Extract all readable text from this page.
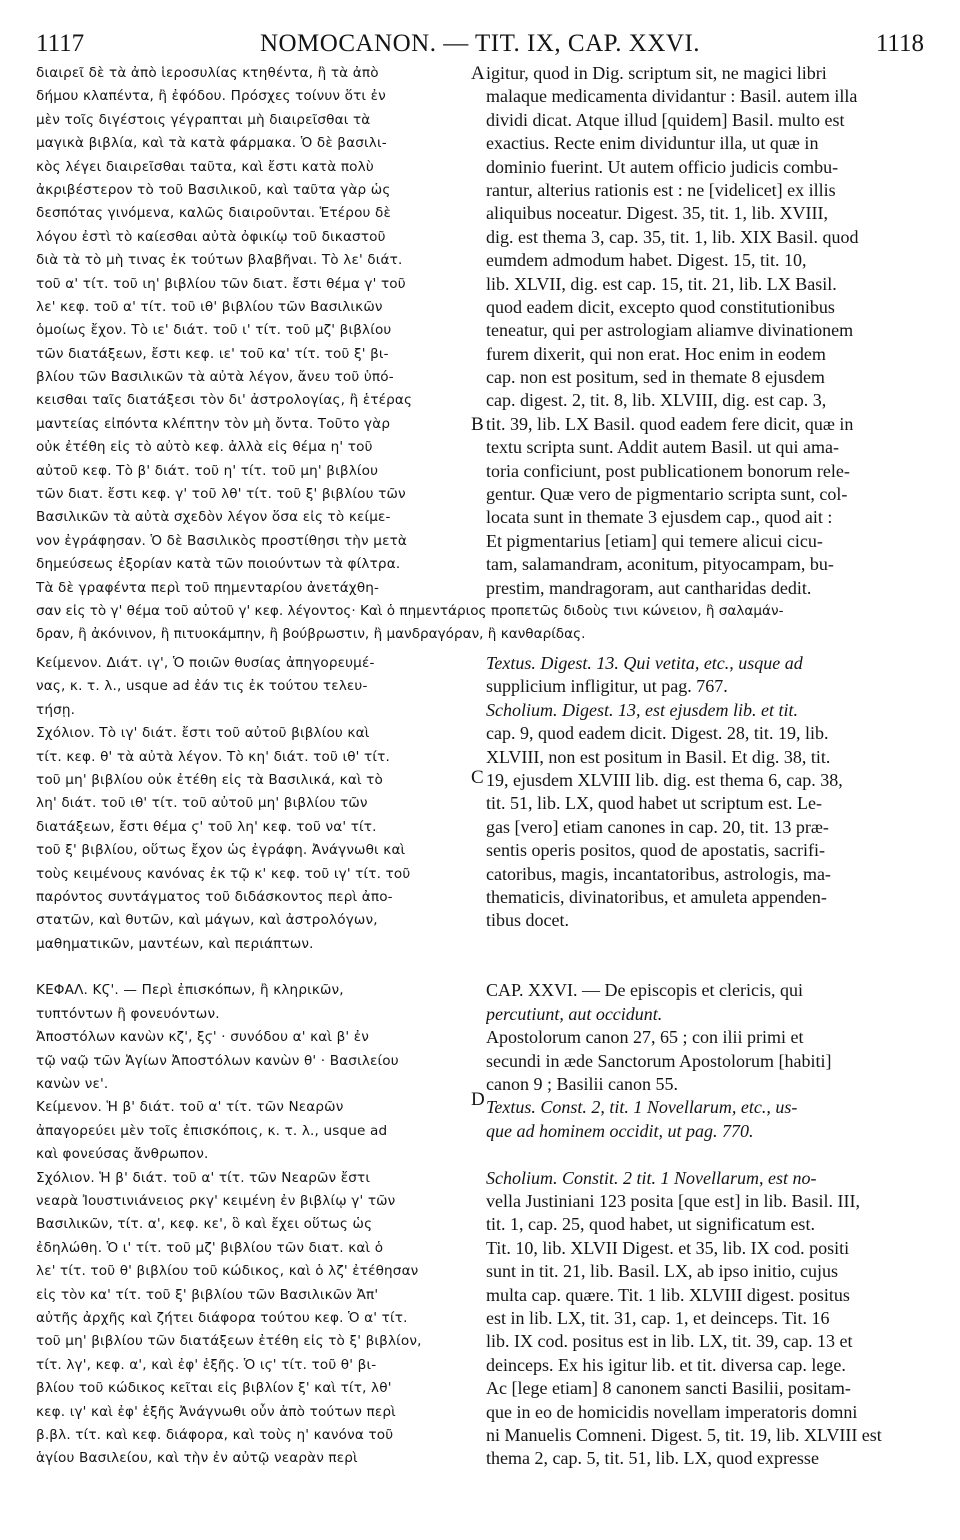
1117	NOMOCANON. — TIT. IX, CAP. XXVI.	1118
A
B
C
D
διαιρεῖ δὲ τὰ ἀπὸ ἱεροσυλίας κτηθέντα, ἢ τὰ ἀπὸ
δήμου κλαπέντα, ἢ ἐφόδου. Πρόσχες τοίνυν ὅτι ἐν
μὲν τοῖς διγέστοις γέγραπται μὴ διαιρεῖσθαι τὰ
μαγικὰ βιβλία, καὶ τὰ κατὰ φάρμακα. Ὁ δὲ βασιλι-
κὸς λέγει διαιρεῖσθαι ταῦτα, καὶ ἔστι κατὰ πολὺ
ἀκριβέστερον τὸ τοῦ Βασιλικοῦ, καὶ ταῦτα γὰρ ὡς
δεσπότας γινόμενα, καλῶς διαιροῦνται. Ἑτέρου δὲ
λόγου ἐστὶ τὸ καίεσθαι αὐτὰ ὀφικίῳ τοῦ δικαστοῦ
διὰ τὰ τὸ μὴ τινας ἐκ τούτων βλαβῆναι. Τὸ λε' διάτ.
τοῦ α' τίτ. τοῦ ιη' βιβλίου τῶν διατ. ἔστι θέμα γ' τοῦ
λε' κεφ. τοῦ α' τίτ. τοῦ ιθ' βιβλίου τῶν Βασιλικῶν
ὁμοίως ἔχον. Τὸ ιε' διάτ. τοῦ ι' τίτ. τοῦ μζ' βιβλίου
τῶν διατάξεων, ἔστι κεφ. ιε' τοῦ κα' τίτ. τοῦ ξ' βι-
βλίου τῶν Βασιλικῶν τὰ αὐτὰ λέγον, ἄνευ τοῦ ὑπό-
κεισθαι ταῖς διατάξεσι τὸν δι' ἀστρολογίας, ἢ ἑτέρας
μαντείας εἰπόντα κλέπτην τὸν μὴ ὄντα. Τοῦτο γὰρ
οὐκ ἐτέθη εἰς τὸ αὐτὸ κεφ. ἀλλὰ εἰς θέμα η' τοῦ
αὐτοῦ κεφ. Τὸ β' διάτ. τοῦ η' τίτ. τοῦ μη' βιβλίου
τῶν διατ. ἔστι κεφ. γ' τοῦ λθ' τίτ. τοῦ ξ' βιβλίου τῶν
Βασιλικῶν τὰ αὐτὰ σχεδὸν λέγον ὅσα εἰς τὸ κείμε-
νον ἐγράφησαν. Ὁ δὲ Βασιλικὸς προστίθησι τὴν μετὰ
δημεύσεως ἐξορίαν κατὰ τῶν ποιούντων τὰ φίλτρα.
Τὰ δὲ γραφέντα περὶ τοῦ πημενταρίου ἀνετάχθη-
igitur, quod in Dig. scriptum sit, ne magici libri
malaque medicamenta dividantur : Basil. autem illa
dividi dicat. Atque illud [quidem] Basil. multo est
exactius. Recte enim dividuntur illa, ut quæ in
dominio fuerint. Ut autem officio judicis combu-
rantur, alterius rationis est : ne [videlicet] ex illis
aliquibus noceatur. Digest. 35, tit. 1, lib. XVIII,
dig. est thema 3, cap. 35, tit. 1, lib. XIX Basil. quod
eumdem admodum habet. Digest. 15, tit. 10,
lib. XLVII, dig. est cap. 15, tit. 21, lib. LX Basil.
quod eadem dicit, excepto quod constitutionibus
teneatur, qui per astrologiam aliamve divinationem
furem dixerit, qui non erat. Hoc enim in eodem
cap. non est positum, sed in themate 8 ejusdem
cap. digest. 2, tit. 8, lib. XLVIII, dig. est cap. 3,
tit. 39, lib. LX Basil. quod eadem fere dicit, quæ in
textu scripta sunt. Addit autem Basil. ut qui ama-
toria conficiunt, post publicationem bonorum rele-
gentur. Quæ vero de pigmentario scripta sunt, col-
locata sunt in themate 3 ejusdem cap., quod ait :
Et pigmentarius [etiam] qui temere alicui cicu-
tam, salamandram, aconitum, pityocampam, bu-
prestim, mandragoram, aut cantharidas dedit.
σαν εἰς τὸ γ' θέμα τοῦ αὐτοῦ γ' κεφ. λέγοντος· Καὶ ὁ πημεντάριος προπετῶς διδοὺς τινι κώνειον, ἢ σαλαμάν-
δραν, ἢ ἀκόνινον, ἢ πιτυοκάμπην, ἢ βούβρωστιν, ἢ μανδραγόραν, ἢ κανθαρίδας.
Κείμενον. Διάτ. ιγ', Ὁ ποιῶν θυσίας ἀπηγορευμέ-
νας, κ. τ. λ., usque ad ἐάν τις ἐκ τούτου τελευ-
τήσῃ.
Σχόλιον. Τὸ ιγ' διάτ. ἔστι τοῦ αὐτοῦ βιβλίου καὶ
τίτ. κεφ. θ' τὰ αὐτὰ λέγον. Τὸ κη' διάτ. τοῦ ιθ' τίτ.
τοῦ μη' βιβλίου οὐκ ἐτέθη εἰς τὰ Βασιλικά, καὶ τὸ
λη' διάτ. τοῦ ιθ' τίτ. τοῦ αὐτοῦ μη' βιβλίου τῶν
διατάξεων, ἔστι θέμα ϛ' τοῦ λη' κεφ. τοῦ να' τίτ.
τοῦ ξ' βιβλίου, οὕτως ἔχον ὡς ἐγράφη. Ἀνάγνωθι καὶ
τοὺς κειμένους κανόνας ἐκ τῷ κ' κεφ. τοῦ ιγ' τίτ. τοῦ
παρόντος συντάγματος τοῦ διδάσκοντος περὶ ἀπο-
στατῶν, καὶ θυτῶν, καὶ μάγων, καὶ ἀστρολόγων,
μαθηματικῶν, μαντέων, καὶ περιάπτων.
ΚΕΦΑΛ. ΚϚ'. — Περὶ ἐπισκόπων, ἢ κληρικῶν,
τυπτόντων ἢ φονευόντων.
Ἀποστόλων κανὼν κζ', ξϛ' · συνόδου α' καὶ β' ἐν
τῷ ναῷ τῶν Ἁγίων Ἀποστόλων κανὼν θ' · Βασιλείου
κανὼν νε'.
Κείμενον. Ἡ β' διάτ. τοῦ α' τίτ. τῶν Νεαρῶν
ἀπαγορεύει μὲν τοῖς ἐπισκόποις, κ. τ. λ., usque ad
καὶ φονεύσας ἄνθρωπον.
Σχόλιον. Ἡ β' διάτ. τοῦ α' τίτ. τῶν Νεαρῶν ἔστι
νεαρὰ Ἰουστινιάνειος ρκγ' κειμένη ἐν βιβλίῳ γ' τῶν
Βασιλικῶν, τίτ. α', κεφ. κε', ὃ καὶ ἔχει οὕτως ὡς
ἐδηλώθη. Ὁ ι' τίτ. τοῦ μζ' βιβλίου τῶν διατ. καὶ ὁ
λε' τίτ. τοῦ θ' βιβλίου τοῦ κώδικος, καὶ ὁ λζ' ἐτέθησαν
εἰς τὸν κα' τίτ. τοῦ ξ' βιβλίου τῶν Βασιλικῶν Ἀπ'
αὐτῆς ἀρχῆς καὶ ζήτει διάφορα τούτου κεφ. Ὁ α' τίτ.
τοῦ μη' βιβλίου τῶν διατάξεων ἐτέθη εἰς τὸ ξ' βιβλίον,
τίτ. λγ', κεφ. α', καὶ ἐφ' ἑξῆς. Ὁ ιϛ' τίτ. τοῦ θ' βι-
βλίου τοῦ κώδικος κεῖται εἰς βιβλίον ξ' καὶ τίτ, λθ'
κεφ. ιγ' καὶ ἐφ' ἑξῆς Ἀνάγνωθι οὖν ἀπὸ τούτων περὶ
β.βλ. τίτ. καὶ κεφ. διάφορα, καὶ τοὺς η' κανόνα τοῦ
ἁγίου Βασιλείου, καὶ τὴν ἐν αὐτῷ νεαρὰν περὶ
Textus. Digest. 13. Qui vetita, etc., usque ad
supplicium infligitur, ut pag. 767.
Scholium. Digest. 13, est ejusdem lib. et tit.
cap. 9, quod eadem dicit. Digest. 28, tit. 19, lib.
XLVIII, non est positum in Basil. Et dig. 38, tit.
19, ejusdem XLVIII lib. dig. est thema 6, cap. 38,
tit. 51, lib. LX, quod habet ut scriptum est. Le-
gas [vero] etiam canones in cap. 20, tit. 13 præ-
sentis operis positos, quod de apostatis, sacrifi-
catoribus, magis, incantatoribus, astrologis, ma-
thematicis, divinatoribus, et amuleta appenden-
tibus docet.
CAP. XXVI. — De episcopis et clericis, qui
percutiunt, aut occidunt.
Apostolorum canon 27, 65 ; con ilii primi et
secundi in æde Sanctorum Apostolorum [habiti]
canon 9 ; Basilii canon 55.
Textus. Const. 2, tit. 1 Novellarum, etc., us-
que ad hominem occidit, ut pag. 770.
Scholium. Constit. 2 tit. 1 Novellarum, est no-
vella Justiniani 123 posita [que est] in lib. Basil. III,
tit. 1, cap. 25, quod habet, ut significatum est.
Tit. 10, lib. XLVII Digest. et 35, lib. IX cod. positi
sunt in tit. 21, lib. Basil. LX, ab ipso initio, cujus
multa cap. quære. Tit. 1 lib. XLVIII digest. positus
est in lib. LX, tit. 31, cap. 1, et deinceps. Tit. 16
lib. IX cod. positus est in lib. LX, tit. 39, cap. 13 et
deinceps. Ex his igitur lib. et tit. diversa cap. lege.
Ac [lege etiam] 8 canonem sancti Basilii, positam-
que in eo de homicidis novellam imperatoris domni
ni Manuelis Comneni. Digest. 5, tit. 19, lib. XLVIII est
thema 2, cap. 5, tit. 51, lib. LX, quod expresse
